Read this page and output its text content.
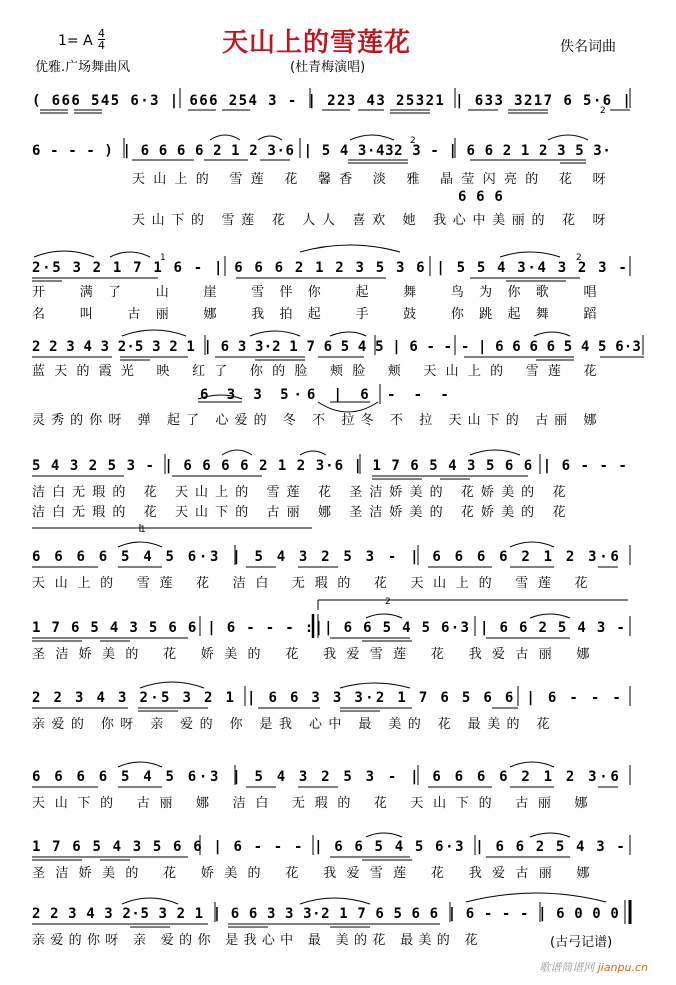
天山上的雪莲花
1= A 4
4
优雅.广场舞曲风	(杜青梅演唱)
佚名词曲
( 666 545 6·3 | 666 254 3 - | 223 43 25321 | 633 3217 6 5·6 |
6 - - - ) | 6 6 6 6 2 1 2 3·6 | 5 4 3·432 3 - | 6 6 2 1 2 3 5 3·
6 6 6
2·5 3 2 1 7 1 6 - | 6 6 6 2 1 2 3 5 3 6 | 5 5 4 3·4 3 2 3 -
2 2 3 4 3 2·5 3 2 1 | 6 3 3·2 1 7 6 5 4 5 | 6 - - - | 6 6 6 6 5 4 5 6·3
6 3 3 5·6 | 6 - - -
5 4 3 2 5 3 - | 6 6 6 6 2 1 2 3·6 | 1 7 6 5 4 3 5 6 6 | 6 - - -
6 6 6 6 5 4 5 6·3 | 5 4 3 2 5 3 - | 6 6 6 6 2 1 2 3·6
1 7 6 5 4 3 5 6 6 | 6 - - - :|| 6 6 5 4 5 6·3 | 6 6 2 5 4 3 -
2 2 3 4 3 2·5 3 2 1 | 6 6 3 3 3·2 1 7 6 5 6 6 | 6 - - -
6 6 6 6 5 4 5 6·3 | 5 4 3 2 5 3 - | 6 6 6 6 2 1 2 3·6
1 7 6 5 4 3 5 6 6 | 6 - - - | 6 6 5 4 5 6·3 | 6 6 2 5 4 3 -
2 2 3 4 3 2·5 3 2 1 | 6 6 3 3 3·2 1 7 6 5 6 6 | 6 - - - | 6 0 0 0
天山上的 雪莲 花 馨香 淡 雅 晶莹闪亮的 花 呀
天山下的 雪莲 花 人人 喜欢 她 我心中美丽的 花 呀
开 满了 山 崖 雪伴你 起 舞 鸟为你歌 唱
名 叫 古丽 娜 我拍起 手 鼓 你跳起舞 蹈
蓝天的霞光 映 红了 你的脸 颊脸 颊 天山上的 雪莲 花
灵秀的你呀 弹 起了 心爱的 冬 不 拉冬 不 拉 天山下的 古丽 娜
洁白无瑕的 花 天山上的 雪莲 花 圣洁娇美的 花娇美的 花
洁白无瑕的 花 天山下的 古丽 娜 圣洁娇美的 花娇美的 花
天山上的 雪莲 花 洁白 无瑕的 花 天山上的 雪莲 花
圣洁娇美的 花 娇美的 花 我爱雪莲 花 我爱古丽 娜
亲爱的 你呀 亲 爱的 你 是我 心中 最 美的 花 最美的 花
天山下的 古丽 娜 洁白 无瑕的 花 天山下的 古丽 娜
圣洁娇美的 花 娇美的 花 我爱雪莲 花 我爱古丽 娜
亲爱的你呀 亲 爱的你 是我心中 最 美的花 最美的 花
1
2
2
2
2
1
(古弓记谱)
歌谱简谱网 jianpu.cn
